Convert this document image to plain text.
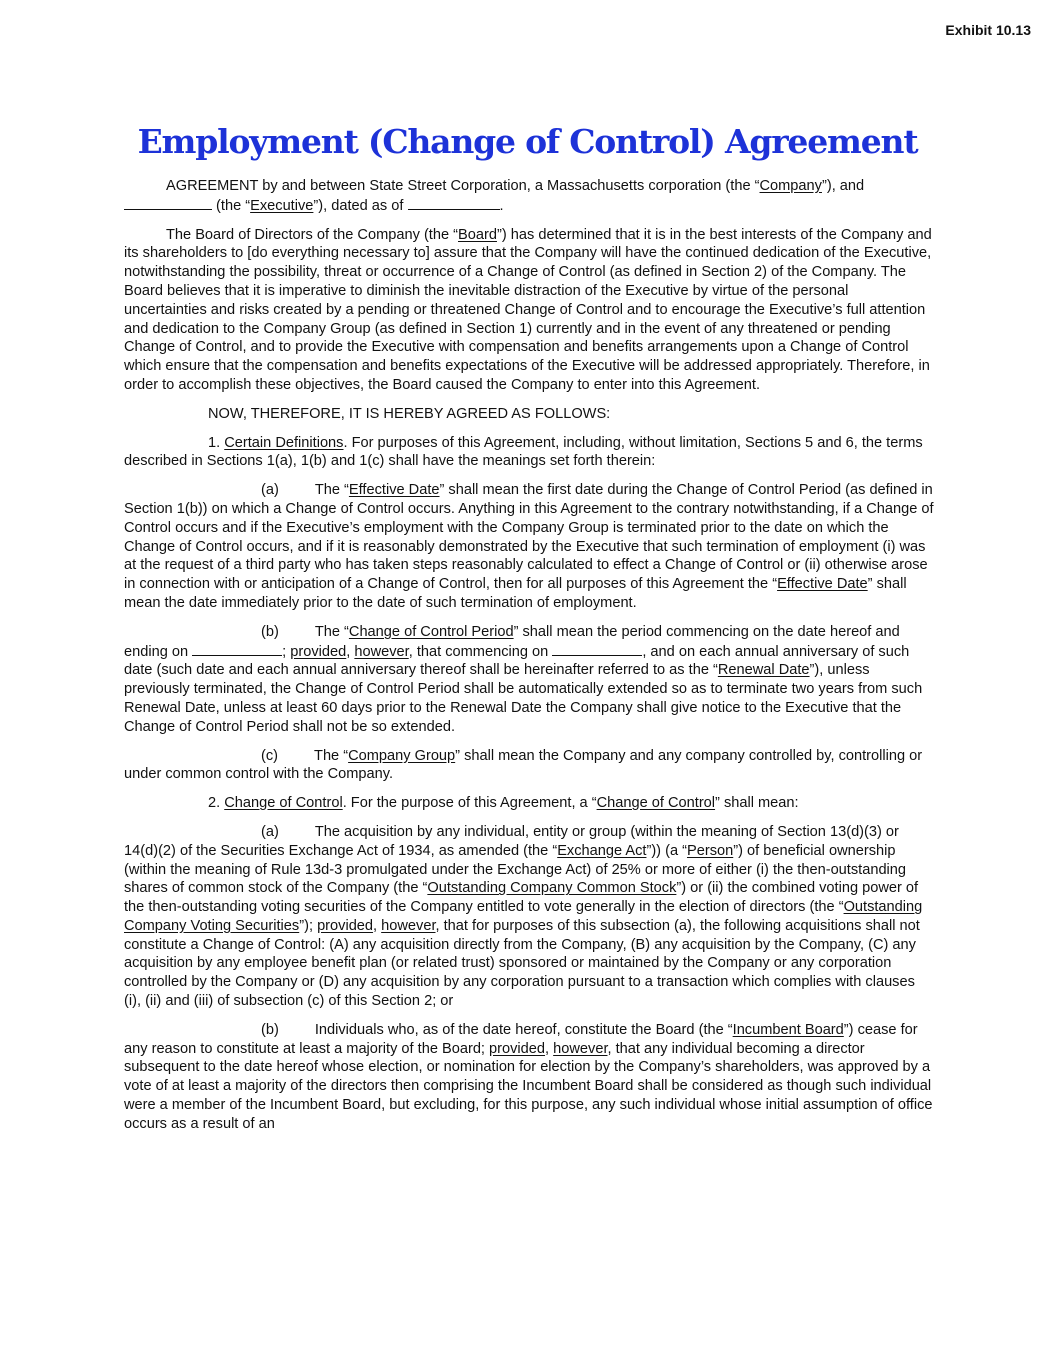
Exhibit 10.13
Employment (Change of Control) Agreement

AGREEMENT by and between State Street Corporation, a Massachusetts corporation (the “Company”), and  (the “Executive”), dated as of	.

The Board of Directors of the Company (the “Board”) has determined that it is in the best interests of the Company and its shareholders to [do everything necessary to] assure that the Company will have the continued dedication of the Executive, notwithstanding the possibility, threat or occurrence of a Change of Control (as defined in Section 2) of the Company. The Board believes that it is imperative to diminish the inevitable distraction of the Executive by virtue of the personal uncertainties and risks created by a pending or threatened Change of Control and to encourage the Executive’s full attention and dedication to the Company Group (as defined in Section 1) currently and in the event of any threatened or pending Change of Control, and to provide the Executive with compensation and benefits arrangements upon a Change of Control which ensure that the compensation and benefits expectations of the Executive will be addressed appropriately. Therefore, in order to accomplish these objectives, the Board caused the Company to enter into this Agreement.

NOW, THEREFORE, IT IS HEREBY AGREED AS FOLLOWS:

1. Certain Definitions. For purposes of this Agreement, including, without limitation, Sections 5 and 6, the terms described in Sections 1(a), 1(b) and 1(c) shall have the meanings set forth therein:

(a) The “Effective Date” shall mean the first date during the Change of Control Period (as defined in Section 1(b)) on which a Change of Control occurs. Anything in this Agreement to the contrary notwithstanding, if a Change of Control occurs and if the Executive’s employment with the Company Group is terminated prior to the date on which the Change of Control occurs, and if it is reasonably demonstrated by the Executive that such termination of employment (i) was at the request of a third party who has taken steps reasonably calculated to effect a Change of Control or (ii) otherwise arose in connection with or anticipation of a Change of Control, then for all purposes of this Agreement the “Effective Date” shall mean the date immediately prior to the date of such termination of employment.

(b) The “Change of Control Period” shall mean the period commencing on the date hereof and ending on	; provided, however, that commencing on	, and on each annual anniversary of such date (such date and each annual anniversary thereof shall be hereinafter referred to as the “Renewal Date”), unless previously terminated, the Change of Control Period shall be automatically extended so as to terminate two years from such Renewal Date, unless at least 60 days prior to the Renewal Date the Company shall give notice to the Executive that the Change of Control Period shall not be so extended.

(c) The “Company Group” shall mean the Company and any company controlled by, controlling or under common control with the Company.

2. Change of Control. For the purpose of this Agreement, a “Change of Control” shall mean:

(a) The acquisition by any individual, entity or group (within the meaning of Section 13(d)(3) or 14(d)(2) of the Securities Exchange Act of 1934, as amended (the “Exchange Act”)) (a “Person”) of beneficial ownership (within the meaning of Rule 13d-3 promulgated under the Exchange Act) of 25% or more of either (i) the then-outstanding shares of common stock of the Company (the “Outstanding Company Common Stock”) or (ii) the combined voting power of the then-outstanding voting securities of the Company entitled to vote generally in the election of directors (the “Outstanding Company Voting Securities”); provided, however, that for purposes of this subsection (a), the following acquisitions shall not constitute a Change of Control: (A) any acquisition directly from the Company, (B) any acquisition by the Company, (C) any acquisition by any employee benefit plan (or related trust) sponsored or maintained by the Company or any corporation controlled by the Company or (D) any acquisition by any corporation pursuant to a transaction which complies with clauses (i), (ii) and (iii) of subsection (c) of this Section 2; or

(b) Individuals who, as of the date hereof, constitute the Board (the “Incumbent Board”) cease for any reason to constitute at least a majority of the Board; provided, however, that any individual becoming a director subsequent to the date hereof whose election, or nomination for election by the Company’s shareholders, was approved by a vote of at least a majority of the directors then comprising the Incumbent Board shall be considered as though such individual were a member of the Incumbent Board, but excluding, for this purpose, any such individual whose initial assumption of office occurs as a result of an
